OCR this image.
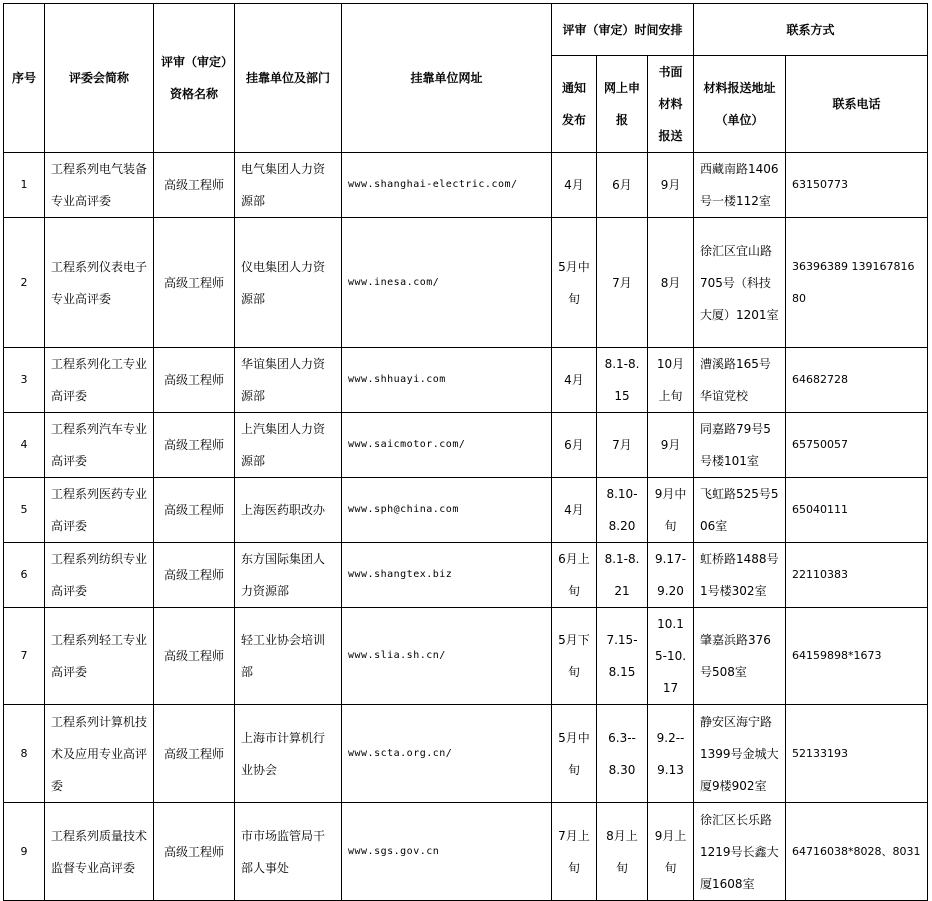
序号	评委会简称	评审（审定）资格名称	挂靠单位及部门	挂靠单位网址	评审（审定）时间安排			联系方式	
					通知发布	网上申报	书面材料报送	材料报送地址（单位）	联系电话
1	工程系列电气装备专业高评委	高级工程师	电气集团人力资源部	www.shanghai-electric.com/	4月	6月	9月	西藏南路1406号一楼112室	63150773
2	工程系列仪表电子专业高评委	高级工程师	仪电集团人力资源部	www.inesa.com/	5月中旬	7月	8月	徐汇区宜山路705号（科技大厦）1201室	36396389 13916781680
3	工程系列化工专业高评委	高级工程师	华谊集团人力资源部	www.shhuayi.com	4月	8.1-8.15	10月上旬	漕溪路165号华谊党校	64682728
4	工程系列汽车专业高评委	高级工程师	上汽集团人力资源部	www.saicmotor.com/	6月	7月	9月	同嘉路79号5号楼101室	65750057
5	工程系列医药专业高评委	高级工程师	上海医药职改办	www.sph@china.com	4月	8.10-8.20	9月中旬	飞虹路525号506室	65040111
6	工程系列纺织专业高评委	高级工程师	东方国际集团人力资源部	www.shangtex.biz	6月上旬	8.1-8.21	9.17-9.20	虹桥路1488号1号楼302室	22110383
7	工程系列轻工专业高评委	高级工程师	轻工业协会培训部	www.slia.sh.cn/	5月下旬	7.15-8.15	10.15-10.17	肇嘉浜路376号508室	64159898*1673
8	工程系列计算机技术及应用专业高评委	高级工程师	上海市计算机行业协会	www.scta.org.cn/	5月中旬	6.3--8.30	9.2--9.13	静安区海宁路1399号金城大厦9楼902室	52133193
9	工程系列质量技术监督专业高评委	高级工程师	市市场监管局干部人事处	www.sgs.gov.cn	7月上旬	8月上旬	9月上旬	徐汇区长乐路1219号长鑫大厦1608室	64716038*8028、8031
